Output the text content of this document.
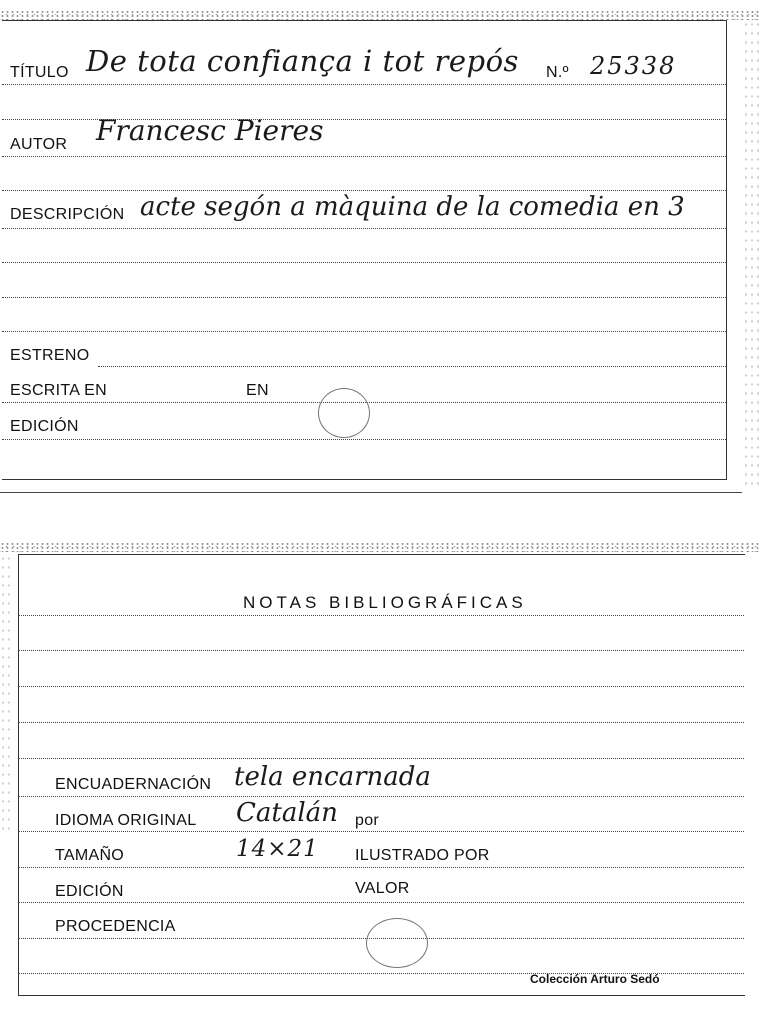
TÍTULO De tota confiança i tot repós N.º 25338
AUTOR Francesc Pieres
DESCRIPCIÓN acte segón a màquina de la comedia en 3
ESTRENO
ESCRITA EN	EN
EDICIÓN
NOTAS BIBLIOGRÁFICAS
ENCUADERNACIÓN tela encarnada
IDIOMA ORIGINAL Catalán por
TAMAÑO	14×21 ILUSTRADO POR
EDICIÓN	VALOR
PROCEDENCIA
Colección Arturo Sedó
